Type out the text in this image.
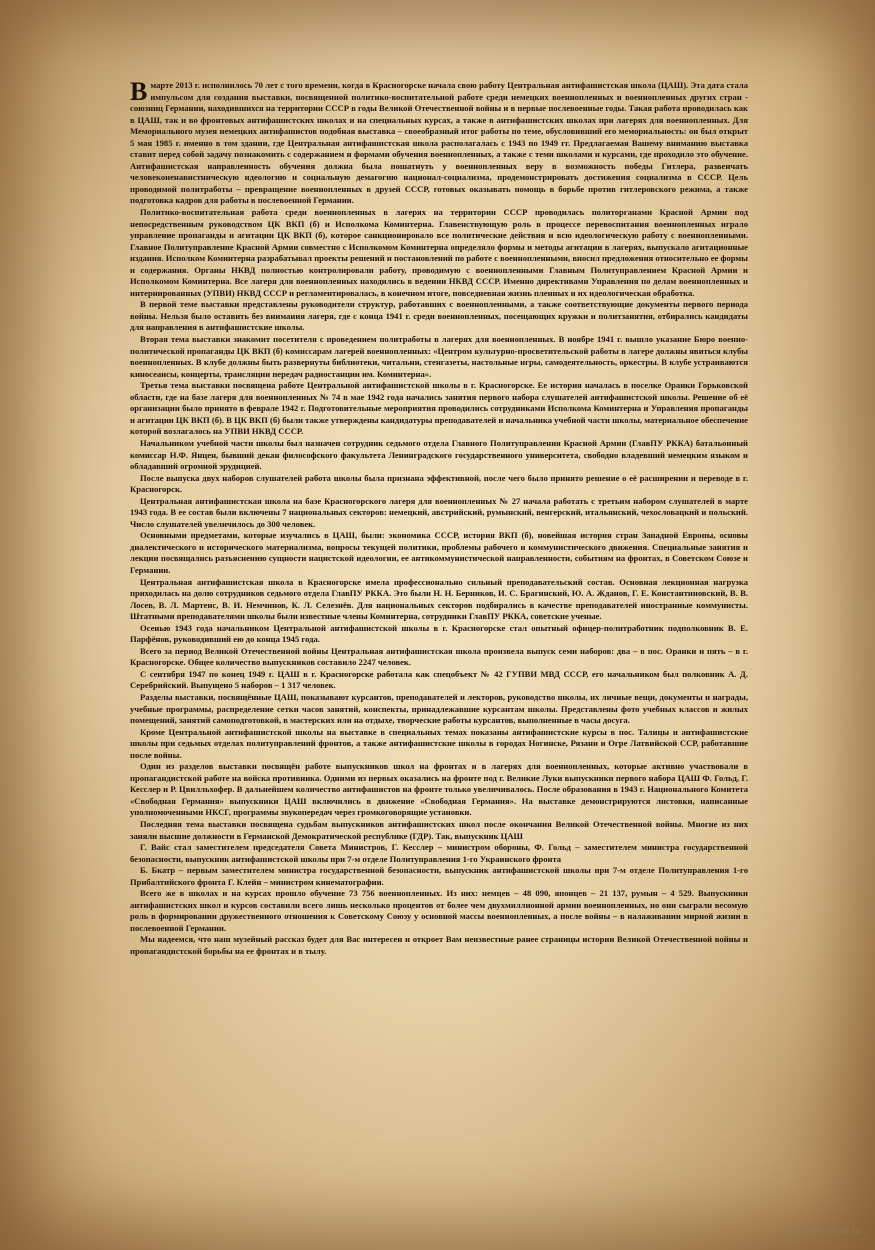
Вмарте 2013 г. исполнилось 70 лет с того времени, когда в Красногорске начала свою работу Центральная антифашистская школа (ЦАШ). Эта дата стала импульсом для создания выставки, посвященной политико-воспитательной работе среди немецких военнопленных и военнопленных других стран - союзниц Германии, находившихся на территории СССР в годы Великой Отечественной войны и в первые послевоенные годы. Такая работа проводилась как в ЦАШ, так и во фронтовых антифашистских школах и на специальных курсах, а также в антифашистских школах при лагерях для военнопленных. Для Мемориального музея немецких антифашистов подобная выставка – своеобразный итог работы по теме, обусловивший его мемориальность: он был открыт 5 мая 1985 г. именно в том здании, где Центральная антифашистская школа располагалась с 1943 по 1949 гг. Предлагаемая Вашему вниманию выставка ставит перед собой задачу познакомить с содержанием и формами обучения военнопленных, а также с теми школами и курсами, где проходило это обучение. Антифашистская направленность обучения должна была пошатнуть у военнопленных веру в возможность победы Гитлера, развенчать человеконенавистническую идеологию и социальную демагогию национал-социализма, продемонстрировать достижения социализма в СССР. Цель проводимой политработы – превращение военнопленных в друзей СССР, готовых оказывать помощь в борьбе против гитлеровского режима, а также подготовка кадров для работы в послевоенной Германии.

Политико-воспитательная работа среди военнопленных в лагерях на территории СССР проводилась политорганами Красной Армии под непосредственным руководством ЦК ВКП (б) и Исполкома Коминтерна. Главенствующую роль в процессе перевоспитания военнопленных играло управление пропаганды и агитации ЦК ВКП (б), которое санкционировало все политические действия и всю идеологическую работу с военнопленными. Главное Политуправление Красной Армии совместно с Исполкомом Коминтерна определяло формы и методы агитации в лагерях, выпускало агитационные издания. Исполком Коминтерна разрабатывал проекты решений и постановлений по работе с военнопленными, вносил предложения относительно ее формы и содержания. Органы НКВД полностью контролировали работу, проводимую с военнопленными Главным Политуправлением Красной Армии и Исполкомом Коминтерна. Все лагеря для военнопленных находились в ведении НКВД СССР. Именно директивами Управления по делам военнопленных и интернированных (УПВИ) НКВД СССР и регламентировалась, в конечном итоге, повседневная жизнь пленных и их идеологическая обработка.

В первой теме выставки представлены руководители структур, работавших с военнопленными, а также соответствующие документы первого периода войны. Нельзя было оставить без внимания лагеря, где с конца 1941 г. среди военнопленных, посещающих кружки и политзанятия, отбирались кандидаты для направления в антифашистские школы.

Вторая тема выставки знакомит посетителя с проведением политработы в лагерях для военнопленных. В ноябре 1941 г. вышло указание Бюро военно-политической пропаганды ЦК ВКП (б) комиссарам лагерей военнопленных: «Центром культурно-просветительской работы в лагере должны явиться клубы военнопленных. В клубе должны быть развернуты библиотеки, читальни, стенгазеты, настольные игры, самодеятельность, оркестры. В клубе устраиваются киносеансы, концерты, трансляции передач радиостанции им. Коминтерна».

Третья тема выставки посвящена работе Центральной антифашистской школы в г. Красногорске. Ее история началась в поселке Оранки Горьковской области, где на базе лагеря для военнопленных № 74 в мае 1942 года начались занятия первого набора слушателей антифашистской школы. Решение об её организации было принято в феврале 1942 г. Подготовительные мероприятия проводились сотрудниками Исполкома Коминтерна и Управления пропаганды и агитации ЦК ВКП (б). В ЦК ВКП (б) были также утверждены кандидатуры преподавателей и начальника учебной части школы, материальное обеспечение которой возлагалось на УПВИ НКВД СССР.

Начальником учебной части школы был назначен сотрудник седьмого отдела Главного Политуправления Красной Армии (ГлавПУ РККА) батальонный комиссар Н.Ф. Янцен, бывший декан философского факультета Ленинградского государственного университета, свободно владевший немецким языком и обладавший огромной эрудицией.

После выпуска двух наборов слушателей работа школы была признана эффективной, после чего было принято решение о её расширении и переводе в г. Красногорск.

Центральная антифашистская школа на базе Красногорского лагеря для военнопленных № 27 начала работать с третьим набором слушателей в марте 1943 года. В ее состав были включены 7 национальных секторов: немецкий, австрийский, румынский, венгерский, итальянский, чехословацкий и польский. Число слушателей увеличилось до 300 человек.

Основными предметами, которые изучались в ЦАШ, были: экономика СССР, история ВКП (б), новейшая история стран Западной Европы, основы диалектического и исторического материализма, вопросы текущей политики, проблемы рабочего и коммунистического движения. Специальные занятия и лекции посвящались разъяснению сущности нацистской идеологии, ее антикоммунистической направленности, событиям на фронтах, в Советском Союзе и Германии.

Центральная антифашистская школа в Красногорске имела профессионально сильный преподавательский состав. Основная лекционная нагрузка приходилась на долю сотрудников седьмого отдела ГлавПУ РККА. Это были Н. Н. Берников, И. С. Брагинский, Ю. А. Жданов, Г. Е. Константиновский, В. В. Лосев, В. Л. Мартенс, В. И. Немчинов, К. Л. Селезнёв. Для национальных секторов подбирались в качестве преподавателей иностранные коммунисты. Штатными преподавателями школы были известные члены Коминтерна, сотрудники ГлавПУ РККА, советские ученые.

Осенью 1943 года начальником Центральной антифашистской школы в г. Красногорске стал опытный офицер-политработник подполковник В. Е. Парфёнов, руководивший ею до конца 1945 года.

Всего за период Великой Отечественной войны Центральная антифашистская школа произвела выпуск семи наборов: два – в пос. Оранки и пять – в г. Красногорске. Общее количество выпускников составило 2247 человек.

С сентября 1947 по конец 1949 г. ЦАШ в г. Красногорске работала как спецобъект № 42 ГУПВИ МВД СССР, его начальником был полковник А. Д. Серебрийский. Выпущено 5 наборов – 1 317 человек.

Разделы выставки, посвящённые ЦАШ, показывают курсантов, преподавателей и лекторов, руководство школы, их личные вещи, документы и награды, учебные программы, распределение сетки часов занятий, конспекты, принадлежавшие курсантам школы. Представлены фото учебных классов и жилых помещений, занятий самоподготовкой, в мастерских или на отдыхе, творческие работы курсантов, выполненные в часы досуга.

Кроме Центральной антифашистской школы на выставке в специальных темах показаны антифашистские курсы в пос. Талицы и антифашистские школы при седьмых отделах политуправлений фронтов, а также антифашистские школы в городах Ногинске, Рязани и Огре Латвийской ССР, работавшие после войны.

Один из разделов выставки посвящён работе выпускников школ на фронтах и в лагерях для военнопленных, которые активно участвовали в пропагандистской работе на войска противника. Одними из первых оказались на фронте под г. Великие Луки выпускники первого набора ЦАШ Ф. Гольд, Г. Кесслер и Р. Цвилльхофер. В дальнейшем количество антифашистов на фронте только увеличивалось. После образования в 1943 г. Национального Комитета «Свободная Германия» выпускники ЦАШ включились в движение «Свободная Германия». На выставке демонстрируются листовки, написанные уполномоченными НКСГ, программы звукопередач через громкоговорящие установки.

Последняя тема выставки посвящена судьбам выпускников антифашистских школ после окончания Великой Отечественной войны. Многие из них заняли высшие должности в Германской Демократической республике (ГДР). Так, выпускник ЦАШ

Г. Вайс стал заместителем председателя Совета Министров, Г. Кесслер – министром обороны, Ф. Гольд – заместителем министра государственной безопасности, выпускник антифашистской школы при 7-м отделе Политуправления 1-го Украинского фронта

Б. Бкатр – первым заместителем министра государственной безопасности, выпускник антифашистской школы при 7-м отделе Политуправления 1-го Прибалтийского фронта Г. Клейн – министром кинематографии.

Всего же в школах и на курсах прошло обучение 73 756 военнопленных. Из них: немцев – 48 090, японцев – 21 137, румын – 4 529. Выпускники антифашистских школ и курсов составили всего лишь несколько процентов от более чем двухмиллионной армии военнопленных, но они сыграли весомую роль в формировании дружественного отношения к Советскому Союзу у основной массы военнопленных, а после войны – в налаживании мирной жизни в послевоенной Германии.

Мы надеемся, что наш музейный рассказ будет для Вас интересен и откроет Вам неизвестные ранее страницы истории Великой Отечественной войны и пропагандистской борьбы на ее фронтах и в тылу.

victorymuseum.ru
